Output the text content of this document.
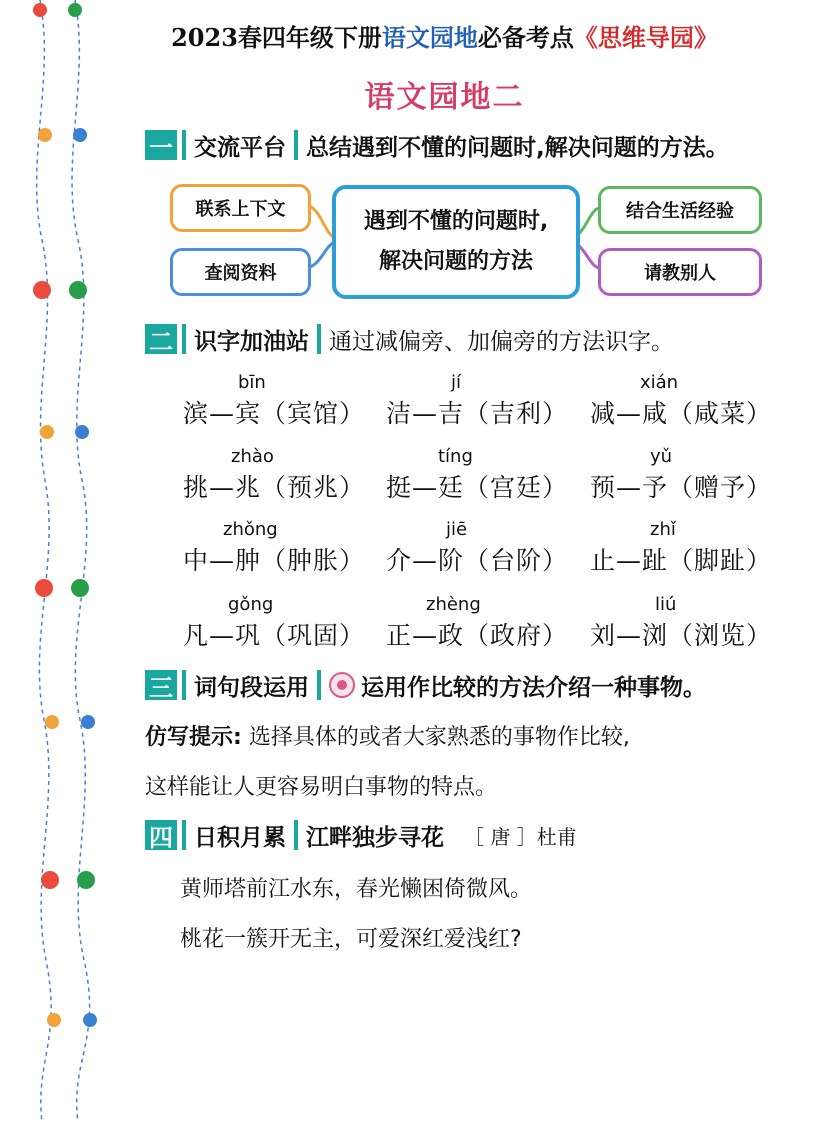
2023春四年级下册语文园地必备考点《思维导园》
语文园地二
一 交流平台 总结遇到不懂的问题时,解决问题的方法。
联系上下文
查阅资料
遇到不懂的问题时,
解决问题的方法
结合生活经验
请教别人
二 识字加油站 通过减偏旁、加偏旁的方法识字。
bīn
滨—宾（宾馆）
jí
洁—吉（吉利）
xián
减—咸（咸菜）
zhào
挑—兆（预兆）
tíng
挺—廷（宫廷）
yǔ
预—予（赠予）
zhǒng
中—肿（肿胀）
jiē
介—阶（台阶）
zhǐ
止—趾（脚趾）
gǒng
凡—巩（巩固）
zhèng
正—政（政府）
liú
刘—浏（浏览）
三 词句段运用 运用作比较的方法介绍一种事物。
仿写提示: 选择具体的或者大家熟悉的事物作比较,
这样能让人更容易明白事物的特点。
四 日积月累 江畔独步寻花 ［ 唐 ］杜甫
黄师塔前江水东，春光懒困倚微风。
桃花一簇开无主，可爱深红爱浅红?
